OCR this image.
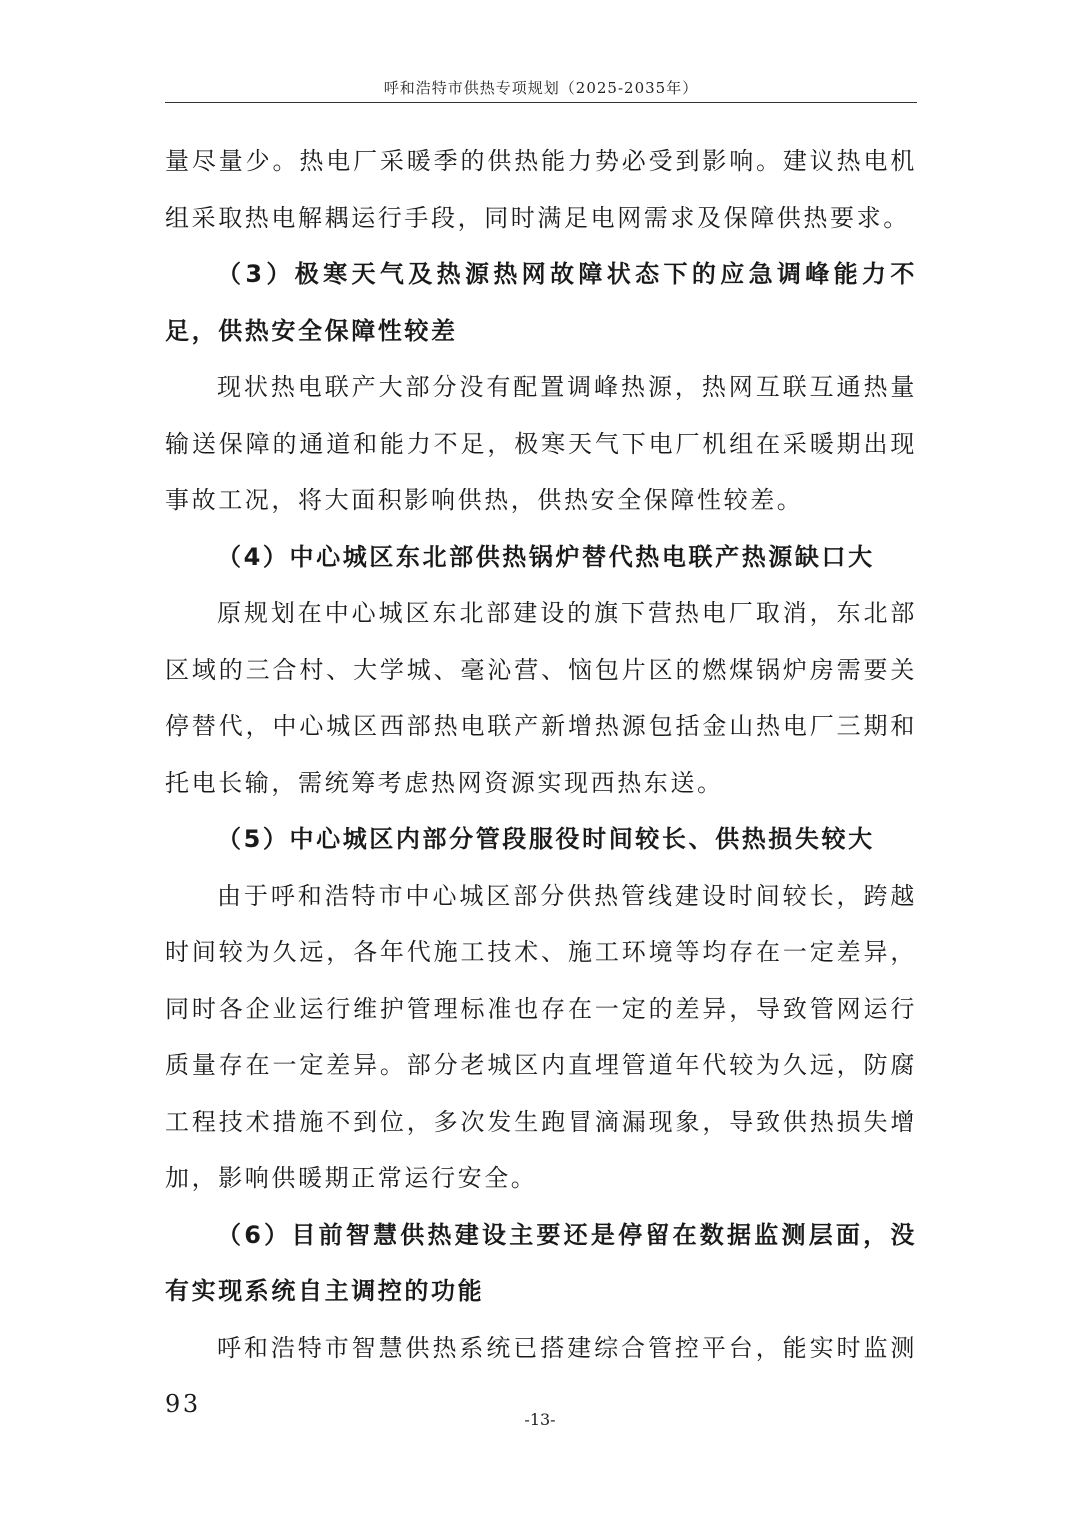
呼和浩特市供热专项规划（2025-2035年）

量尽量少。热电厂采暖季的供热能力势必受到影响。建议热电机组采取热电解耦运行手段，同时满足电网需求及保障供热要求。

（3）极寒天气及热源热网故障状态下的应急调峰能力不足，供热安全保障性较差

现状热电联产大部分没有配置调峰热源，热网互联互通热量输送保障的通道和能力不足，极寒天气下电厂机组在采暖期出现事故工况，将大面积影响供热，供热安全保障性较差。

（4）中心城区东北部供热锅炉替代热电联产热源缺口大

原规划在中心城区东北部建设的旗下营热电厂取消，东北部区域的三合村、大学城、毫沁营、恼包片区的燃煤锅炉房需要关停替代，中心城区西部热电联产新增热源包括金山热电厂三期和托电长输，需统筹考虑热网资源实现西热东送。

（5）中心城区内部分管段服役时间较长、供热损失较大

由于呼和浩特市中心城区部分供热管线建设时间较长，跨越时间较为久远，各年代施工技术、施工环境等均存在一定差异，同时各企业运行维护管理标准也存在一定的差异，导致管网运行质量存在一定差异。部分老城区内直埋管道年代较为久远，防腐工程技术措施不到位，多次发生跑冒滴漏现象，导致供热损失增加，影响供暖期正常运行安全。

（6）目前智慧供热建设主要还是停留在数据监测层面，没有实现系统自主调控的功能

呼和浩特市智慧供热系统已搭建综合管控平台，能实时监测93

-13-
